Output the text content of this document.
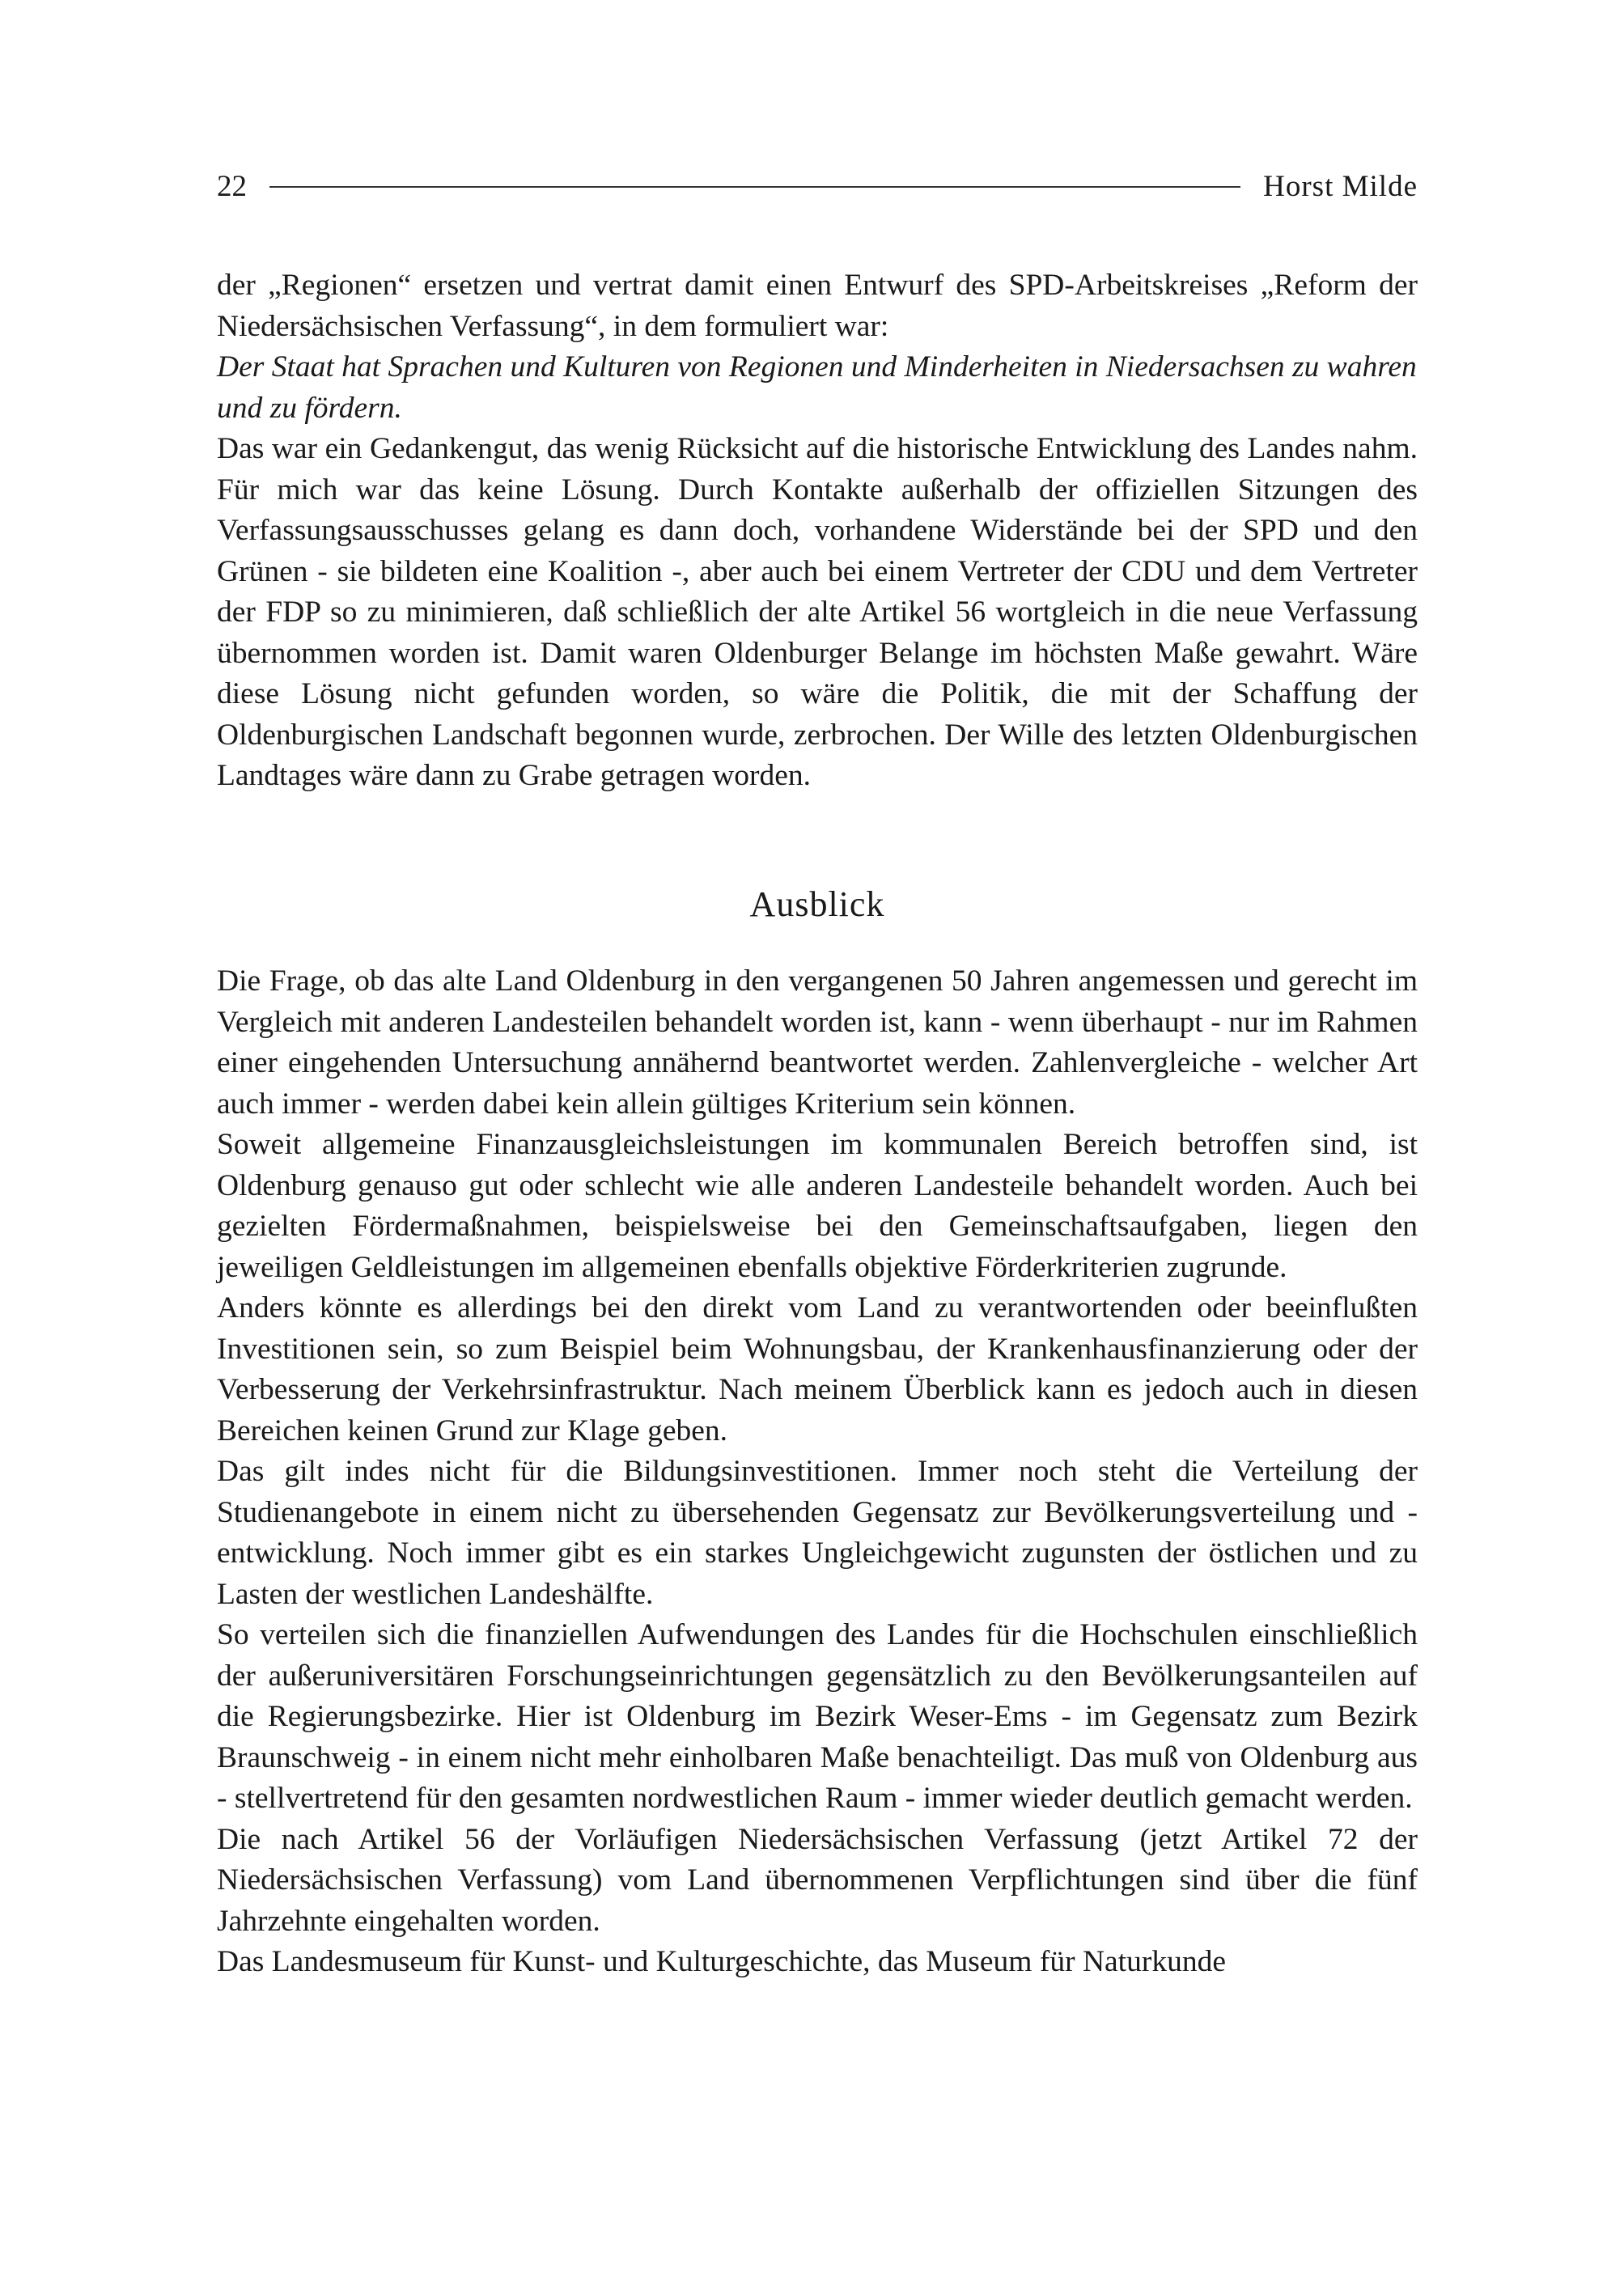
22	Horst Milde

der „Regionen“ ersetzen und vertrat damit einen Entwurf des SPD-Arbeitskreises „Reform der Niedersächsischen Verfassung“, in dem formuliert war:

Der Staat hat Sprachen und Kulturen von Regionen und Minderheiten in Niedersachsen zu wahren und zu fördern.

Das war ein Gedankengut, das wenig Rücksicht auf die historische Entwicklung des Landes nahm. Für mich war das keine Lösung. Durch Kontakte außerhalb der offiziellen Sitzungen des Verfassungsausschusses gelang es dann doch, vorhandene Widerstände bei der SPD und den Grünen - sie bildeten eine Koalition -, aber auch bei einem Vertreter der CDU und dem Vertreter der FDP so zu minimieren, daß schließlich der alte Artikel 56 wortgleich in die neue Verfassung übernommen worden ist. Damit waren Oldenburger Belange im höchsten Maße gewahrt. Wäre diese Lösung nicht gefunden worden, so wäre die Politik, die mit der Schaffung der Oldenburgischen Landschaft begonnen wurde, zerbrochen. Der Wille des letzten Oldenburgischen Landtages wäre dann zu Grabe getragen worden.

Ausblick

Die Frage, ob das alte Land Oldenburg in den vergangenen 50 Jahren angemessen und gerecht im Vergleich mit anderen Landesteilen behandelt worden ist, kann - wenn überhaupt - nur im Rahmen einer eingehenden Untersuchung annähernd beantwortet werden. Zahlenvergleiche - welcher Art auch immer - werden dabei kein allein gültiges Kriterium sein können.

Soweit allgemeine Finanzausgleichsleistungen im kommunalen Bereich betroffen sind, ist Oldenburg genauso gut oder schlecht wie alle anderen Landesteile behandelt worden. Auch bei gezielten Fördermaßnahmen, beispielsweise bei den Gemeinschaftsaufgaben, liegen den jeweiligen Geldleistungen im allgemeinen ebenfalls objektive Förderkriterien zugrunde.

Anders könnte es allerdings bei den direkt vom Land zu verantwortenden oder beeinflußten Investitionen sein, so zum Beispiel beim Wohnungsbau, der Krankenhausfinanzierung oder der Verbesserung der Verkehrsinfrastruktur. Nach meinem Überblick kann es jedoch auch in diesen Bereichen keinen Grund zur Klage geben.

Das gilt indes nicht für die Bildungsinvestitionen. Immer noch steht die Verteilung der Studienangebote in einem nicht zu übersehenden Gegensatz zur Bevölkerungsverteilung und -entwicklung. Noch immer gibt es ein starkes Ungleichgewicht zugunsten der östlichen und zu Lasten der westlichen Landeshälfte.

So verteilen sich die finanziellen Aufwendungen des Landes für die Hochschulen einschließlich der außeruniversitären Forschungseinrichtungen gegensätzlich zu den Bevölkerungsanteilen auf die Regierungsbezirke. Hier ist Oldenburg im Bezirk Weser-Ems - im Gegensatz zum Bezirk Braunschweig - in einem nicht mehr einholbaren Maße benachteiligt. Das muß von Oldenburg aus - stellvertretend für den gesamten nordwestlichen Raum - immer wieder deutlich gemacht werden.

Die nach Artikel 56 der Vorläufigen Niedersächsischen Verfassung (jetzt Artikel 72 der Niedersächsischen Verfassung) vom Land übernommenen Verpflichtungen sind über die fünf Jahrzehnte eingehalten worden.

Das Landesmuseum für Kunst- und Kulturgeschichte, das Museum für Naturkunde
